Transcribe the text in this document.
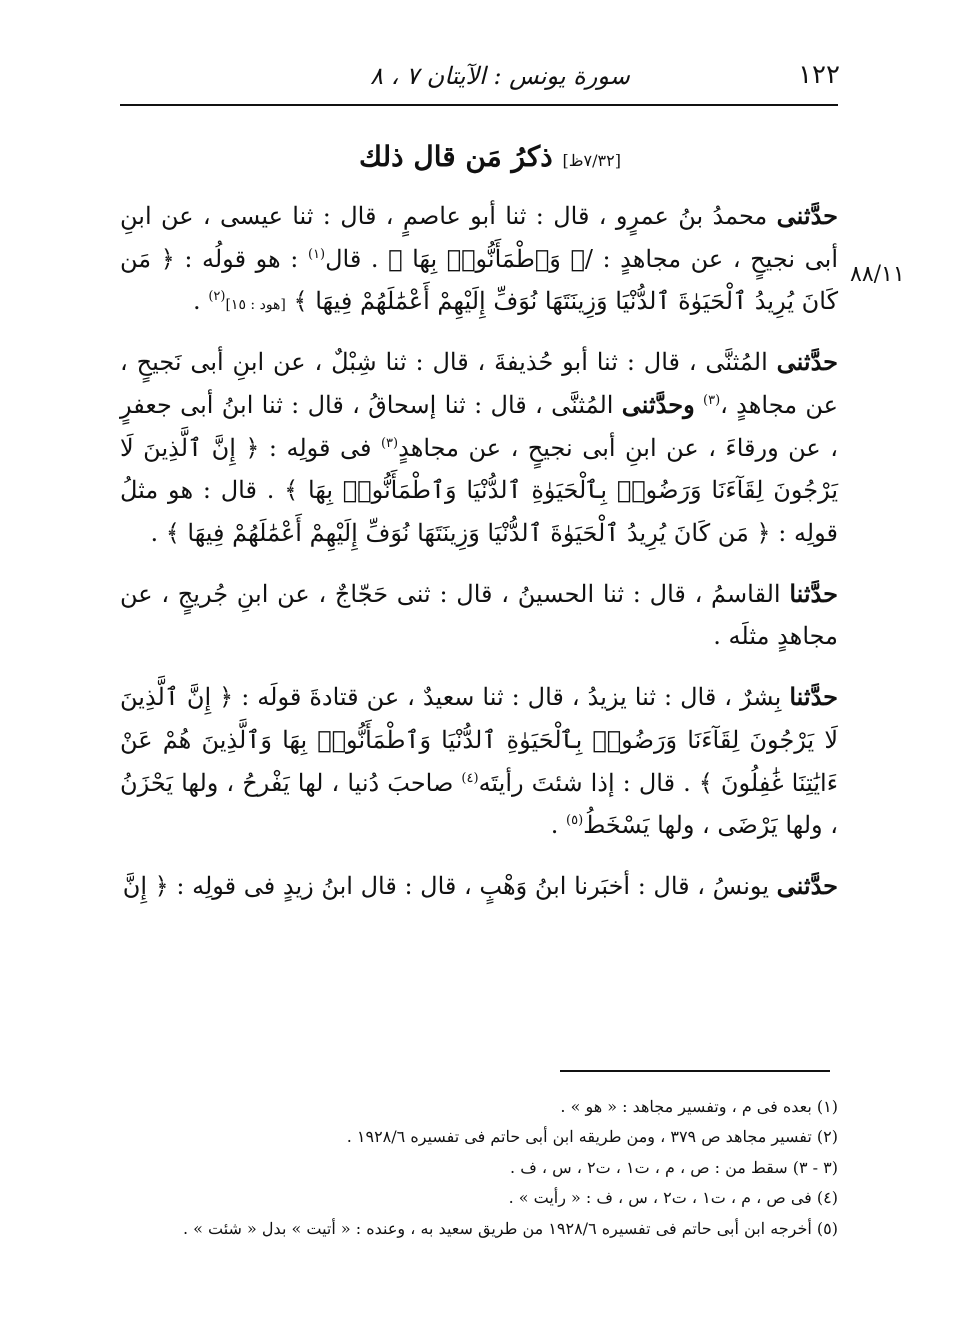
سورة يونس : الآيتان ٧ ، ٨	١٢٢
[٧/٣٢ظ] ذكرُ مَن قال ذلك
٨٨/١١

حدَّثنى محمدُ بنُ عمرٍو ، قال : ثنا أبو عاصمٍ ، قال : ثنا عيسى ، عن ابنِ أبى نجيحٍ ، عن مجاهدٍ : /﴿ وَٱطْمَأَنُّوا۟ بِهَا ﴾ . قال$^{(١)}$ : هو قولُه : ﴿ مَن كَانَ يُرِيدُ ٱلْحَيَوٰةَ ٱلدُّنْيَا وَزِينَتَهَا نُوَفِّ إِلَيْهِمْ أَعْمَٰلَهُمْ فِيهَا ﴾ [هود : ١٥]$^{(٢)}$ .

حدَّثنى المُثنَّى ، قال : ثنا أبو حُذيفةَ ، قال : ثنا شِبْلٌ ، عن ابنِ أبى نَجيحٍ ، عن مجاهدٍ ،$^{(٣)}$ وحدَّثنى المُثنَّى ، قال : ثنا إسحاقُ ، قال : ثنا ابنُ أبى جعفرٍ ، عن ورقاءَ ، عن ابنِ أبى نجيحٍ ، عن مجاهدٍ$^{(٣)}$ فى قولِه : ﴿ إِنَّ ٱلَّذِينَ لَا يَرْجُونَ لِقَآءَنَا وَرَضُوا۟ بِٱلْحَيَوٰةِ ٱلدُّنْيَا وَٱطْمَأَنُّوا۟ بِهَا ﴾ . قال : هو مثلُ قولِه : ﴿ مَن كَانَ يُرِيدُ ٱلْحَيَوٰةَ ٱلدُّنْيَا وَزِينَتَهَا نُوَفِّ إِلَيْهِمْ أَعْمَٰلَهُمْ فِيهَا ﴾ .

حدَّثنا القاسمُ ، قال : ثنا الحسينُ ، قال : ثنى حَجّاجٌ ، عن ابنِ جُريجٍ ، عن مجاهدٍ مثلَه .

حدَّثنا بِشرٌ ، قال : ثنا يزيدُ ، قال : ثنا سعيدٌ ، عن قتادةَ قولَه : ﴿ إِنَّ ٱلَّذِينَ لَا يَرْجُونَ لِقَآءَنَا وَرَضُوا۟ بِٱلْحَيَوٰةِ ٱلدُّنْيَا وَٱطْمَأَنُّوا۟ بِهَا وَٱلَّذِينَ هُمْ عَنْ ءَايَٰتِنَا غَٰفِلُونَ ﴾ . قال : إذا شئتَ رأيتَه$^{(٤)}$ صاحبَ دُنيا ، لها يَفْرحُ ، ولها يَحْزَنُ ، ولها يَرْضَى ، ولها يَسْخَطُ$^{(٥)}$ .

حدَّثنى يونسُ ، قال : أخبَرنا ابنُ وَهْبٍ ، قال : قال ابنُ زيدٍ فى قولِه : ﴿ إِنَّ

(١) بعده فى م ، وتفسير مجاهد : « هو » .
(٢) تفسير مجاهد ص ٣٧٩ ، ومن طريقه ابن أبى حاتم فى تفسيره ١٩٢٨/٦ .
(٣ - ٣) سقط من : ص ، م ، ت١ ، ت٢ ، س ، ف .
(٤) فى ص ، م ، ت١ ، ت٢ ، س ، ف : « رأيت » .
(٥) أخرجه ابن أبى حاتم فى تفسيره ١٩٢٨/٦ من طريق سعيد به ، وعنده : « أتيت » بدل « شئت » .
